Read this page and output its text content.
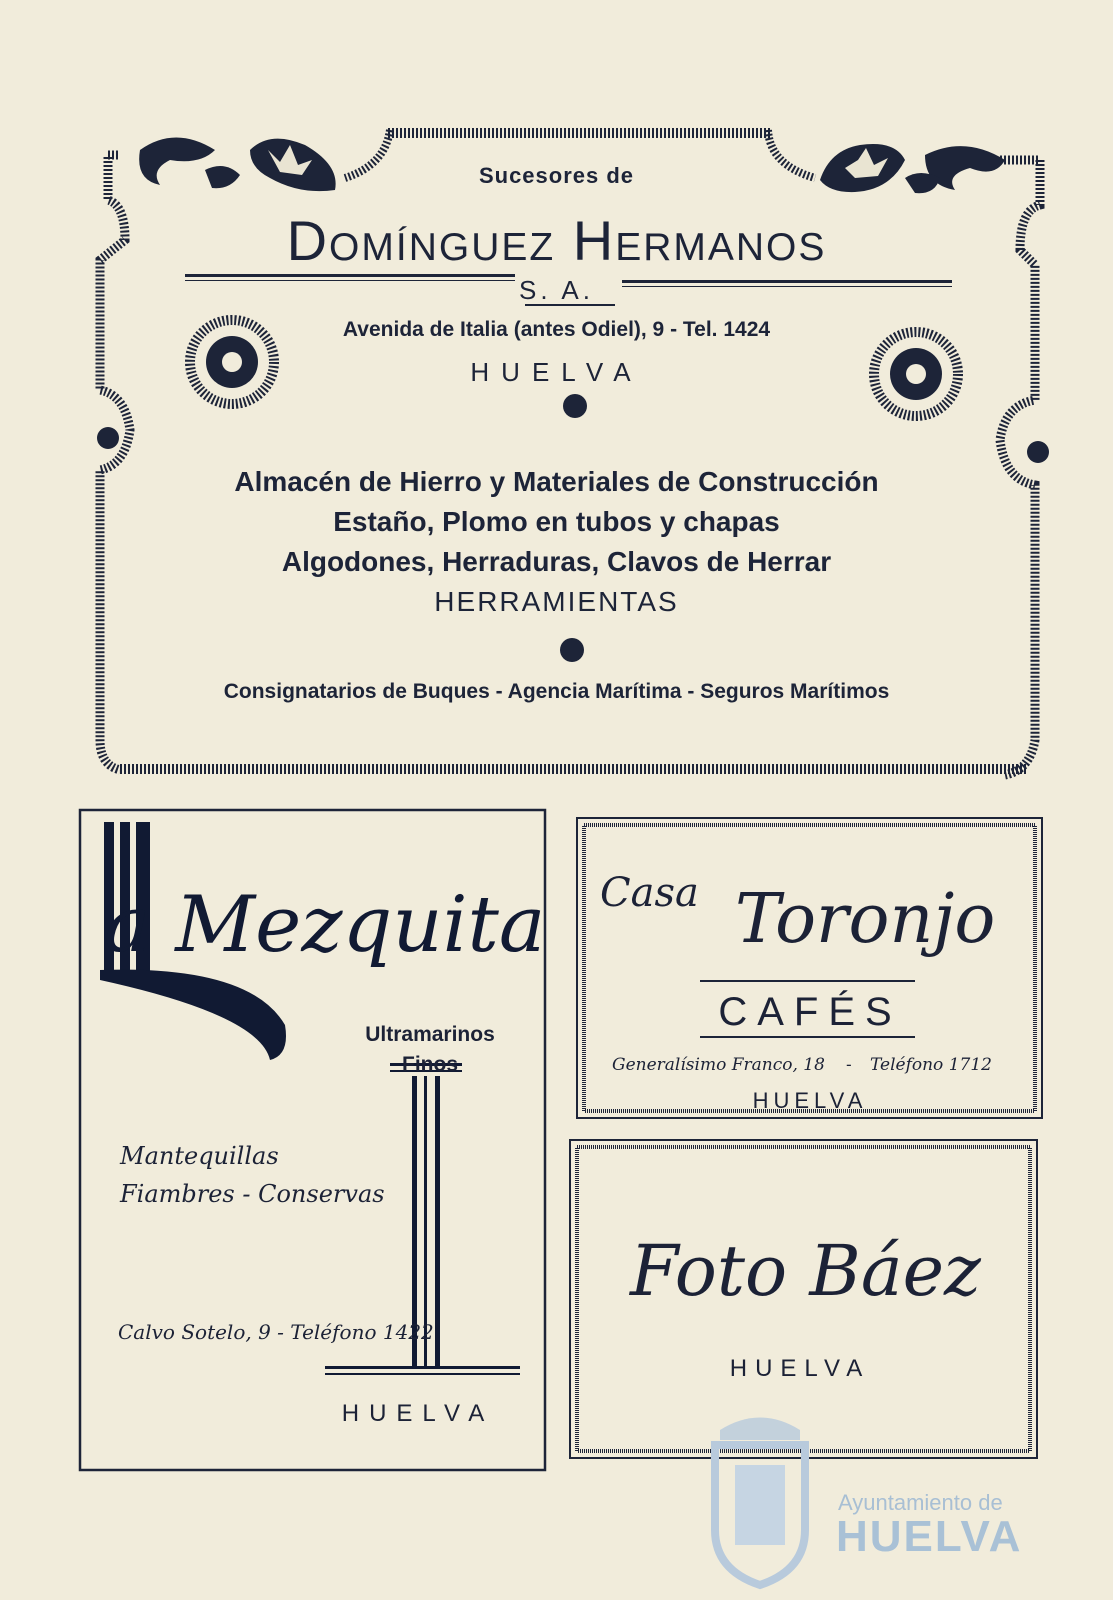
Sucesores de
Domínguez Hermanos
S. A.
Avenida de Italia (antes Odiel), 9 - Tel. 1424
HUELVA
Almacén de Hierro y Materiales de Construcción
Estaño, Plomo en tubos y chapas
Algodones, Herraduras, Clavos de Herrar
HERRAMIENTAS
Consignatarios de Buques - Agencia Marítima - Seguros Marítimos
a Mezquita
Ultramarinos
Finos
Mantequillas
Fiambres - Conservas
Calvo Sotelo, 9 - Teléfono 1422
HUELVA
Casa Toronjo
CAFÉS
Generalísimo Franco, 18 - Teléfono 1712
HUELVA
Foto Báez
HUELVA
Ayuntamiento de
HUELVA
